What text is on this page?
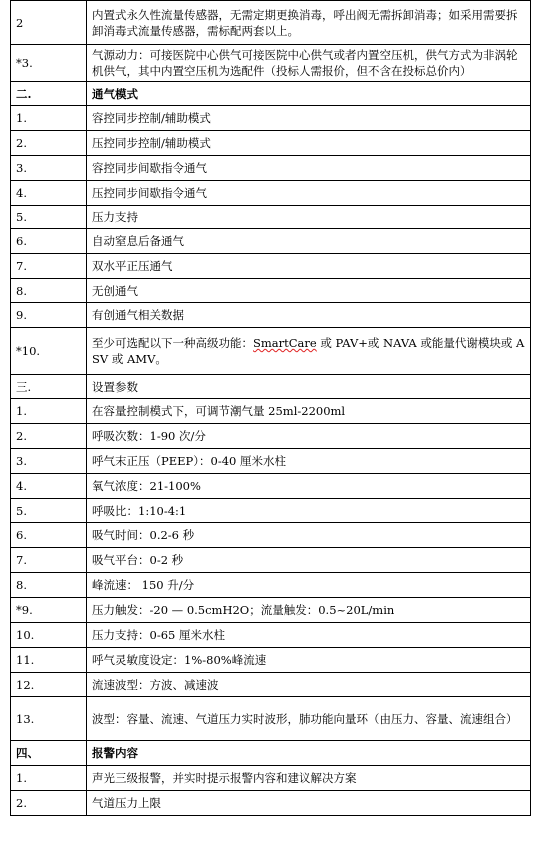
2	内置式永久性流量传感器，无需定期更换消毒，呼出阀无需拆卸消毒；如采用需要拆卸消毒式流量传感器，需标配两套以上。
*3.	气源动力：可接医院中心供气可接医院中心供气或者内置空压机，供气方式为非涡轮机供气，其中内置空压机为选配件（投标人需报价，但不含在投标总价内）
二.	通气模式
1.	容控同步控制/辅助模式
2.	压控同步控制/辅助模式
3.	容控同步间歇指令通气
4.	压控同步间歇指令通气
5.	压力支持
6.	自动窒息后备通气
7.	双水平正压通气
8.	无创通气
9.	有创通气相关数据
*10.	至少可选配以下一种高级功能：SmartCare 或 PAV+或 NAVA 或能量代谢模块或 ASV 或 AMV。
三.	设置参数
1.	在容量控制模式下，可调节潮气量 25ml-2200ml
2.	呼吸次数：1-90 次/分
3.	呼气末正压（PEEP）：0-40 厘米水柱
4.	氧气浓度：21-100%
5.	呼吸比：1:10-4:1
6.	吸气时间：0.2-6 秒
7.	吸气平台：0-2 秒
8.	峰流速： 150 升/分
*9.	压力触发：-20 — 0.5cmH2O；流量触发：0.5~20L/min
10.	压力支持：0-65 厘米水柱
11.	呼气灵敏度设定：1%-80%峰流速
12.	流速波型：方波、减速波
13.	波型：容量、流速、气道压力实时波形，肺功能向量环（由压力、容量、流速组合）
四、	报警内容
1.	声光三级报警，并实时提示报警内容和建议解决方案
2.	气道压力上限
